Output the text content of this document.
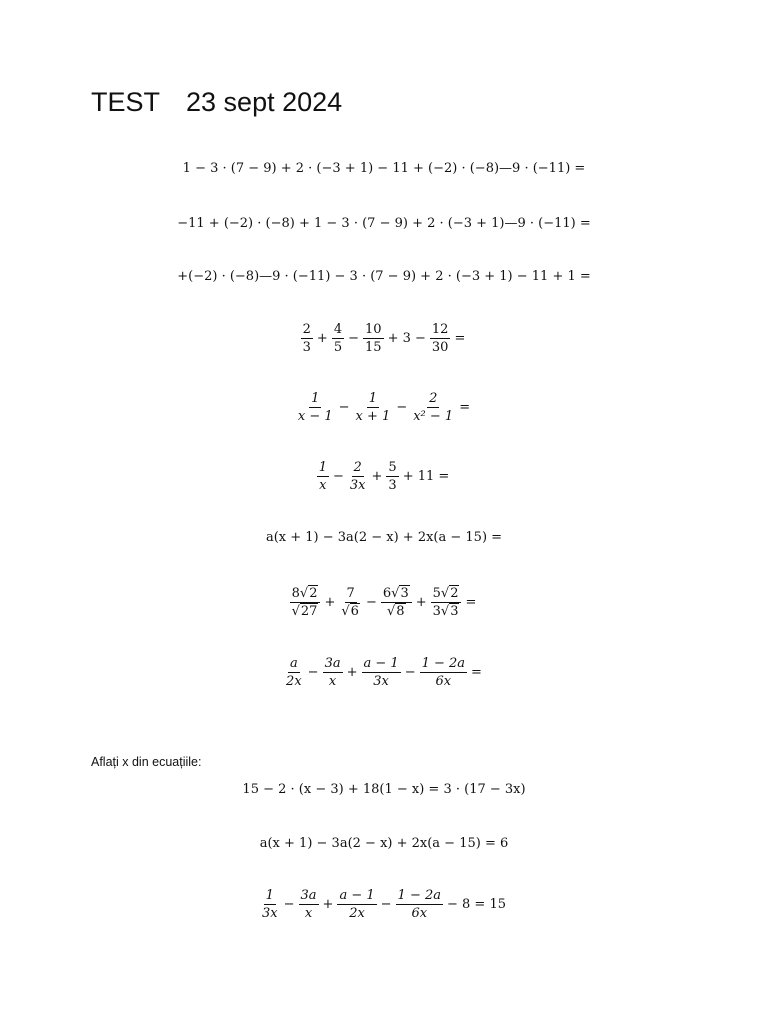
TEST 23 sept 2024
1 − 3 · (7 − 9) + 2 · (−3 + 1) − 11 + (−2) · (−8)—9 · (−11) =
−11 + (−2) · (−8) + 1 − 3 · (7 − 9) + 2 · (−3 + 1)—9 · (−11) =
+(−2) · (−8)—9 · (−11) − 3 · (7 − 9) + 2 · (−3 + 1) − 11 + 1 =
$\frac{2}{3} + \frac{4}{5} - \frac{10}{15} + 3 - \frac{12}{30}$ =
$\frac{1}{x - 1} - \frac{1}{x + 1} - \frac{2}{\text{x² − 1}}$ =
$\frac{1}{x} - \frac{2}{3x} + \frac{5}{3} + 11$ =
a(x + 1) − 3a(2 − x) + 2x(a − 15) =
$\frac{8√2}{√27} + \frac{7}{√6} - \frac{6√3}{√8} + \frac{5√2}{3√3}$ =
$\frac{a}{2x} - \frac{3a}{x} + \frac{a - 1}{3x} - \frac{1 - 2a}{6x}$ =
Aflați x din ecuațiile:
15 − 2 · (x − 3) + 18(1 − x) = 3 · (17 − 3x)
a(x + 1) − 3a(2 − x) + 2x(a − 15) = 6
$\frac{1}{3x} - \frac{3a}{x} + \frac{a - 1}{2x} - \frac{1 - 2a}{6x} - 8 = 15$
